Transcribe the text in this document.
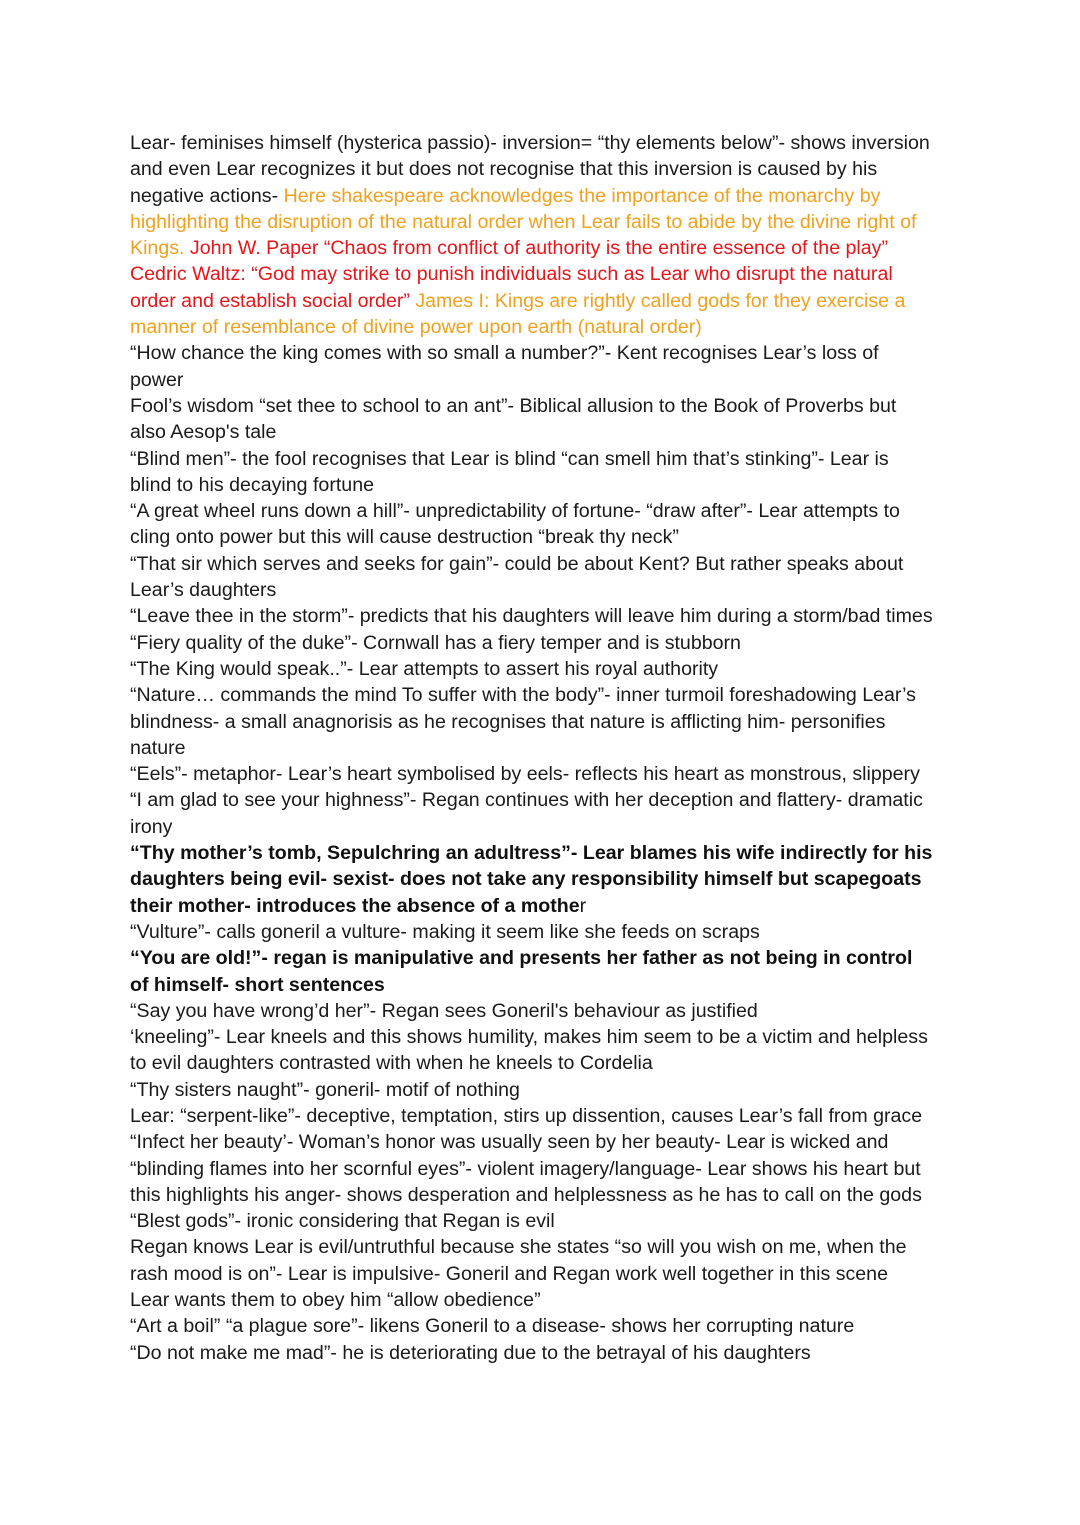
Lear- feminises himself (hysterica passio)- inversion= “thy elements below”- shows inversion
and even Lear recognizes it but does not recognise that this inversion is caused by his
negative actions- Here shakespeare acknowledges the importance of the monarchy by
highlighting the disruption of the natural order when Lear fails to abide by the divine right of
Kings. John W. Paper “Chaos from conflict of authority is the entire essence of the play”
Cedric Waltz: “God may strike to punish individuals such as Lear who disrupt the natural
order and establish social order” James I: Kings are rightly called gods for they exercise a
manner of resemblance of divine power upon earth (natural order)
“How chance the king comes with so small a number?”- Kent recognises Lear’s loss of
power
Fool’s wisdom “set thee to school to an ant”- Biblical allusion to the Book of Proverbs but
also Aesop's tale
“Blind men”- the fool recognises that Lear is blind “can smell him that’s stinking”- Lear is
blind to his decaying fortune
“A great wheel runs down a hill”- unpredictability of fortune- “draw after”- Lear attempts to
cling onto power but this will cause destruction “break thy neck”
“That sir which serves and seeks for gain”- could be about Kent? But rather speaks about
Lear’s daughters
“Leave thee in the storm”- predicts that his daughters will leave him during a storm/bad times
“Fiery quality of the duke”- Cornwall has a fiery temper and is stubborn
“The King would speak..”- Lear attempts to assert his royal authority
“Nature… commands the mind To suffer with the body”- inner turmoil foreshadowing Lear’s
blindness- a small anagnorisis as he recognises that nature is afflicting him- personifies
nature
“Eels”- metaphor- Lear’s heart symbolised by eels- reflects his heart as monstrous, slippery
“I am glad to see your highness”- Regan continues with her deception and flattery- dramatic
irony
“Thy mother’s tomb, Sepulchring an adultress”- Lear blames his wife indirectly for his
daughters being evil- sexist- does not take any responsibility himself but scapegoats
their mother- introduces the absence of a mother
“Vulture”- calls goneril a vulture- making it seem like she feeds on scraps
“You are old!”- regan is manipulative and presents her father as not being in control
of himself- short sentences
“Say you have wrong’d her”- Regan sees Goneril's behaviour as justified
‘kneeling”- Lear kneels and this shows humility, makes him seem to be a victim and helpless
to evil daughters contrasted with when he kneels to Cordelia
“Thy sisters naught”- goneril- motif of nothing
Lear: “serpent-like”- deceptive, temptation, stirs up dissention, causes Lear’s fall from grace
“Infect her beauty’- Woman’s honor was usually seen by her beauty- Lear is wicked and
“blinding flames into her scornful eyes”- violent imagery/language- Lear shows his heart but
this highlights his anger- shows desperation and helplessness as he has to call on the gods
“Blest gods”- ironic considering that Regan is evil
Regan knows Lear is evil/untruthful because she states “so will you wish on me, when the
rash mood is on”- Lear is impulsive- Goneril and Regan work well together in this scene
Lear wants them to obey him “allow obedience”
“Art a boil” “a plague sore”- likens Goneril to a disease- shows her corrupting nature
“Do not make me mad”- he is deteriorating due to the betrayal of his daughters
